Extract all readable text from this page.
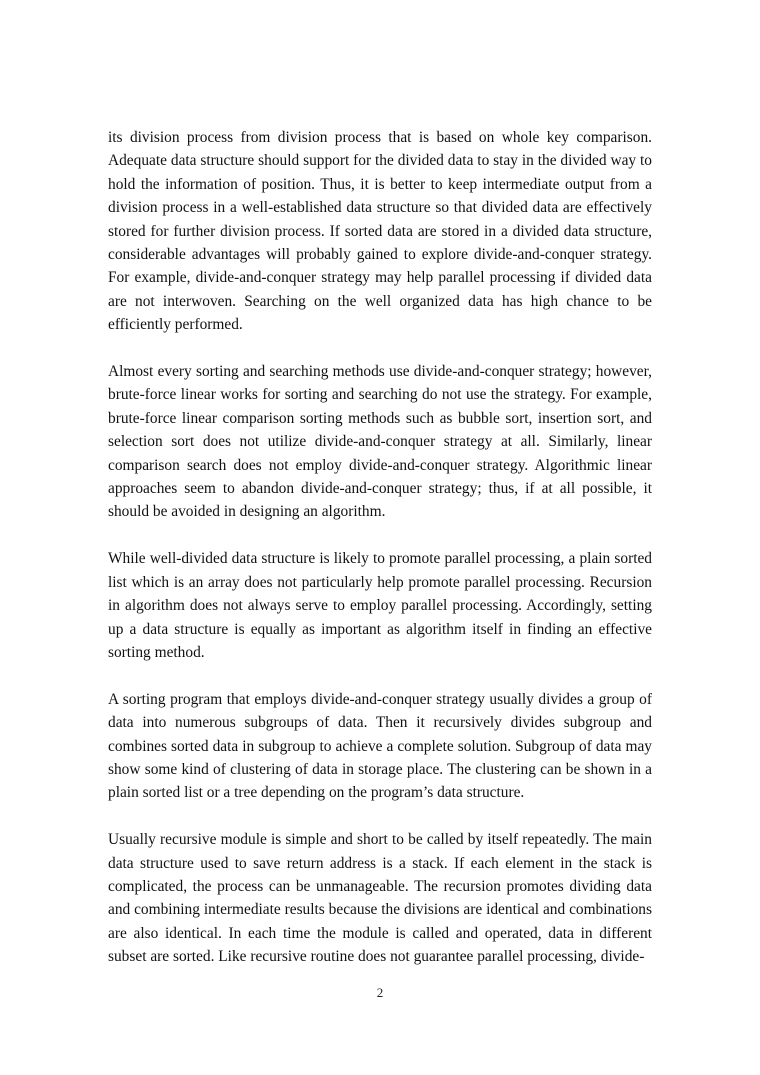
its division process from division process that is based on whole key comparison. Adequate data structure should support for the divided data to stay in the divided way to hold the information of position. Thus, it is better to keep intermediate output from a division process in a well-established data structure so that divided data are effectively stored for further division process. If sorted data are stored in a divided data structure, considerable advantages will probably gained to explore divide-and-conquer strategy. For example, divide-and-conquer strategy may help parallel processing if divided data are not interwoven. Searching on the well organized data has high chance to be efficiently performed.

Almost every sorting and searching methods use divide-and-conquer strategy; however, brute-force linear works for sorting and searching do not use the strategy. For example, brute-force linear comparison sorting methods such as bubble sort, insertion sort, and selection sort does not utilize divide-and-conquer strategy at all. Similarly, linear comparison search does not employ divide-and-conquer strategy. Algorithmic linear approaches seem to abandon divide-and-conquer strategy; thus, if at all possible, it should be avoided in designing an algorithm.

While well-divided data structure is likely to promote parallel processing, a plain sorted list which is an array does not particularly help promote parallel processing. Recursion in algorithm does not always serve to employ parallel processing. Accordingly, setting up a data structure is equally as important as algorithm itself in finding an effective sorting method.

A sorting program that employs divide-and-conquer strategy usually divides a group of data into numerous subgroups of data. Then it recursively divides subgroup and combines sorted data in subgroup to achieve a complete solution. Subgroup of data may show some kind of clustering of data in storage place. The clustering can be shown in a plain sorted list or a tree depending on the program’s data structure.

Usually recursive module is simple and short to be called by itself repeatedly. The main data structure used to save return address is a stack. If each element in the stack is complicated, the process can be unmanageable. The recursion promotes dividing data and combining intermediate results because the divisions are identical and combinations are also identical. In each time the module is called and operated, data in different subset are sorted. Like recursive routine does not guarantee parallel processing, divide-

2
